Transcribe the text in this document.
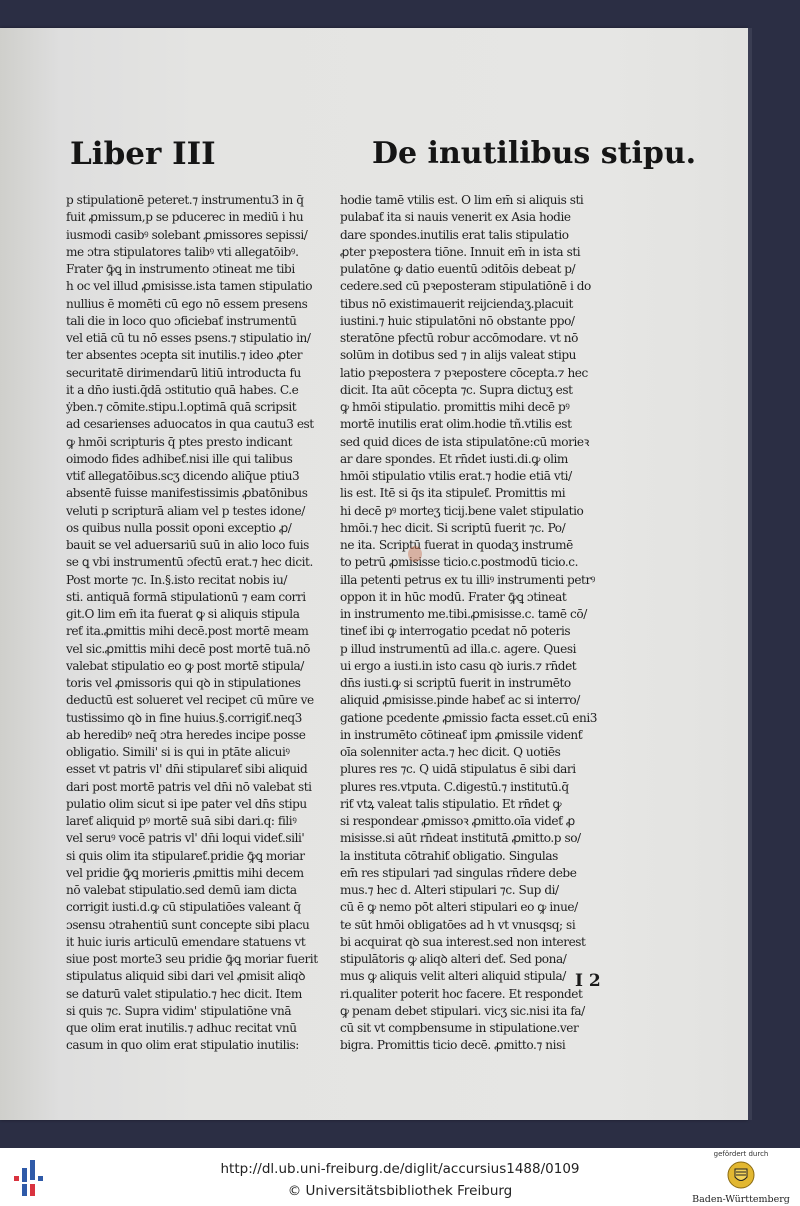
Liber III	De inutilibus stipu.
p stipulationē peteret.⁊ instrumentu3 in q̄
fuit ꝓmissum,p se pducerec in mediū i hu
iusmodi casibꝰ solebant ꝓmissores sepissi/
me ɔtra stipulatores talibꝰ vti allegatōibꝰ.
Frater ꝙ̄ꝗ in instrumento ɔtineat me tibi
h oc vel illud ꝓmisisse.ista tamen stipulatio
nullius ē momēti cū ego nō essem presens
tali die in loco quo ɔficiebaƭ instrumentū
vel etiā cū tu nō esses psens.⁊ stipulatio in/
ter absentes ɔcepta sit inutilis.⁊ ideo ꝓter
securitatē dirimendarū litiū introducta fu
it a dn̄o iusti.q̄dā ɔstitutio quā habes. C.e
ẏben.⁊ cōmite.stipu.l.optimā quā scripsit
ad cesarienses aduocatos in qua cautu3 est
ꝙ hmōi scripturis q̄ ptes presto indicant
oimodo fides adhibeƭ.nisi ille qui talibus
vtiƭ allegatōibus.scʒ dicendo aliq̄ue ptiu3
absentē fuisse manifestissimis ꝓbatōnibus
veluti p scripturā aliam vel p testes idone/
os quibus nulla possit oponi exceptio ꝓ/
bauit se vel aduersariū suū in alio loco fuis
se ꝗ vbi instrumentū ɔfectū erat.⁊ hec dicit.
Post morte ⁊c. In.§.isto recitat nobis iu/
sti. antiquā formā stipulationū ⁊ eam corri
git.O lim em̄ ita fuerat ꝙ si aliquis stipula
reƭ ita.ꝓmittis mihi decē.post mortē meam
vel sic.ꝓmittis mihi decē post mortē tuā.nō
valebat stipulatio eo ꝙ post mortē stipula/
toris vel ꝓmissoris qui qꝺ in stipulationes
deductū est solueret vel recipet cū mūre ve
tustissimo qꝺ in fine huius.§.corrigiƭ.neq3
ab heredibꝰ neq̄ ɔtra heredes incipe posse
obligatio. Simili' si is qui in ptāte alicuiꝰ
esset vt patris vl' dn̄i stipulareƭ sibi aliquid
dari post mortē patris vel dn̄i nō valebat sti
pulatio olim sicut si ipe pater vel dn̄s stipu
lareƭ aliquid pꝰ mortē suā sibi dari.q: filiꝰ
vel seruꝰ vocē patris vl' dn̄i loqui videƭ.sili'
si quis olim ita stipulareƭ.pridie ꝙ̄ꝗ moriar
vel pridie ꝙ̄ꝗ morieris ꝓmittis mihi decem
nō valebat stipulatio.sed demū iam dicta
corrigit iusti.d.ꝙ cū stipulatiōes valeant q̄
ɔsensu ɔtrahentiū sunt concepte sibi placu
it huic iuris articulū emendare statuens vt
siue post morte3 seu pridie ꝙ̄ꝗ moriar fuerit
stipulatus aliquid sibi dari vel ꝓmisit aliqꝺ
se daturū valet stipulatio.⁊ hec dicit. Item
si quis ⁊c. Supra vidim' stipulatiōne vnā
que olim erat inutilis.⁊ adhuc recitat vnū
casum in quo olim erat stipulatio inutilis:
hodie tamē vtilis est. O lim em̄ si aliquis sti
pulabaƭ ita si nauis venerit ex Asia hodie
dare spondes.inutilis erat talis stipulatio
ꝓter pꝛepostera tiōne. Innuit em̄ in ista sti
pulatōne ꝙ datio euentū ɔditōis debeat p/
cedere.sed cū pꝛeposteram stipulatiōnē i do
tibus nō existimauerit reijciendaʒ.placuit
iustini.⁊ huic stipulatōni nō obstante ppo/
steratōne pfectū robur accōmodare. vt nō
solūm in dotibus sed ⁊ in alijs valeat stipu
latio pꝛepostera ⁊ pꝛepostere cōcepta.⁊ hec
dicit. Ita aūt cōcepta ⁊c. Supra dictuʒ est
ꝙ hmōi stipulatio. promittis mihi decē pꝰ
mortē inutilis erat olim.hodie tñ.vtilis est
sed quid dices de ista stipulatōne:cū morieꝛ
ar dare spondes. Et rn̄det iusti.di.ꝙ olim
hmōi stipulatio vtilis erat.⁊ hodie etiā vti/
lis est. Itē si q̄s ita stipuleƭ. Promittis mi
hi decē pꝰ morteʒ ticij.bene valet stipulatio
hmōi.⁊ hec dicit. Si scriptū fuerit ⁊c. Po/
ne ita. Scriptū fuerat in quodaʒ instrumē
to petrū ꝓmisisse ticio.c.postmodū ticio.c.
illa petenti petrus ex tu illiꝰ instrumenti petrꝰ
oppon it in hūc modū. Frater ꝙ̄ꝗ ɔtineat
in instrumento me.tibi.ꝓmisisse.c. tamē cō/
tineƭ ibi ꝙ interrogatio pcedat nō poteris
p illud instrumentū ad illa.c. agere. Quesi
ui ergo a iusti.in isto casu qꝺ iuris.⁊ rn̄det
dn̄s iusti.ꝙ si scriptū fuerit in instrumēto
aliquid ꝓmisisse.pinde habeƭ ac si interro/
gatione pcedente ꝓmissio facta esset.cū eni3
in instrumēto cōtineaƭ ipm ꝓmissile videnƭ
oīa solenniter acta.⁊ hec dicit. Q uotiēs
plures res ⁊c. Q uidā stipulatus ē sibi dari
plures res.vtputa. C.digestū.⁊ institutū.q̄
riƭ vtꝝ valeat talis stipulatio. Et rn̄det ꝙ
si respondear ꝓmissoꝛ ꝓmitto.oīa videƭ ꝓ
misisse.si aūt rn̄deat institutā ꝓmitto.p so/
la instituta cōtrahiƭ obligatio. Singulas
em̄ res stipulari ⁊ad singulas rn̄dere debe
mus.⁊ hec d. Alteri stipulari ⁊c. Sup di/
cū ē ꝙ nemo pōt alteri stipulari eo ꝙ inue/
te sūt hmōi obligatōes ad h vt vnusqsq; si
bi acquirat qꝺ sua interest.sed non interest
stipulātoris ꝙ aliqꝺ alteri deƭ. Sed pona/
mus ꝙ aliquis velit alteri aliquid stipula/
ri.qualiter poterit hoc facere. Et respondet
ꝙ penam debet stipulari. vicʒ sic.nisi ita fa/
cū sit vt compbensume in stipulatione.ver
bigra. Promittis ticio decē. ꝓmitto.⁊ nisi
I 2
http://dl.ub.uni-freiburg.de/diglit/accursius1488/0109
© Universitätsbibliothek Freiburg
gefördert durch
Baden-Württemberg
